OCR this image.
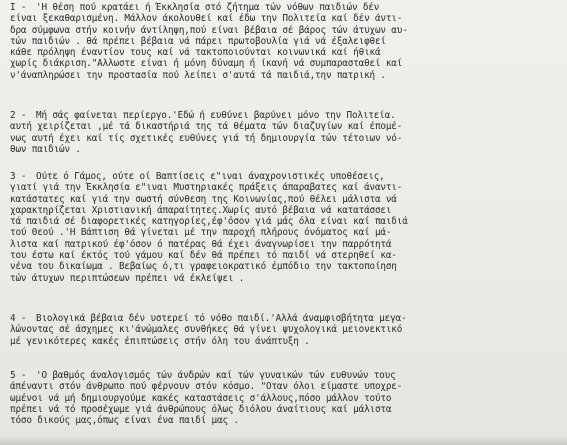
I - 'Η θέση πού κρατάει ή Έκκλησία στό ζήτημα τών νόθων παιδιών δέν
είναι ξεκαθαρισμένη. Μάλλον άκολουθεί καί έδω την Πολιτεία καί δέν άντι-
δρα σύμφωνα στήν κοινήν άντίληψη,πού είναι βέβαια σέ βάρος τών άτυχων αυ-
τών παιδιών . θά πρέπει βέβαια νά πάρει πρωτοβουλία γιά νά έξαλειφθεί
κάθε πρόληψη έναντίον τους καί νά τακτοποιούνται κοινωνικά καί ήθικά
χωρίς διάκριση."Αλλωστε είναι ή μόνη δύναμη ή ίκανή νά συμπαρασταθεί καί
ν'άναπληρώσει την προστασία πού λείπει σ'αυτά τά παιδιά,την πατρική .
2 - Μή σάς φαίνεται περίεργο.'Εδώ ή ευθύνει βαρύνει μόνο την Πολιτεία.
αυτή χειρίζεται ,μέ τά δικαστήριά της τά θέματα τών διαζυγίων καί έπομέ-
νως αυτή έχει καί τίς σχετικές ευθύνες γιά τή δημιουργία τών τέτοιων νό-
θων παιδιών .
3 - Ούτε ό Γάμος, ούτε οί Βαπτίσεις ε"ιναι άναχρονιστικές υποθέσεις,
γιατί γιά την Έκκλησία ε"ιναι Μυστηριακές πράξεις άπαραβατες καί άναντι-
κατάστατες καί γιά την σωστή σύνθεση της Κοινωνίας,πού θέλει μάλιστα νά
χαρακτηρίζεται Χριστιανική άπαραίτητες.Χωρίς αυτό βέβαια νά κατατάσσει
τά παιδιά σέ διαφορετικές κατηγορίες,έφ'όσον γιά μάς όλα είναι καί παιδιά
τού Θεού .'Η Βάπτιση θά γίνεται μέ την παροχή πλήρους όνόματος καί μά-
λιστα καί πατρικού έφ'όσον ό πατέρας θά έχει άναγνωρίσει την παρρότητά
του έστω καί έκτός τού γάμου καί δέν θά πρέπει τό παιδί νά στερηθεί κα-
νένα του δικαίωμα . Βεβαίως ό,τι γραφειοκρατικό έμπόδιο την τακτοποίηση
τών άτυχων περιπτώσεων πρέπει νά έκλείψει .
4 - Βιολογικά βέβαια δέν υστερεί τό νόθο παιδί.'Αλλά άναμφισβήτητα μεγα-
λώνοντας σέ άσχημες κι'άνώμαλες συνθήκες θά γίνει ψυχολογικά μειονεκτικό
μέ γενικότερες κακές έπιπτώσεις στήν όλη του άνάπτυξη .
5 - 'Ο βαθμός άναλογισμός τών άνδρών καί τών γυναικών τών ευθυνών τους
άπέναντι στόν άνθρωπο πού φέρνουν στόν κόσμο. "Οταν όλοι είμαστε υποχρε-
ωμένοι νά μή δημιουργούμε κακές καταστάσεις σ'άλλους,πόσο μάλλον τούτο
πρέπει νά τό προσέχωμε γιά άνθρώπους όλως διόλου άναίτιους καί μάλιστα
τόσο δικούς μας,όπως είναι ένα παιδί μας .
